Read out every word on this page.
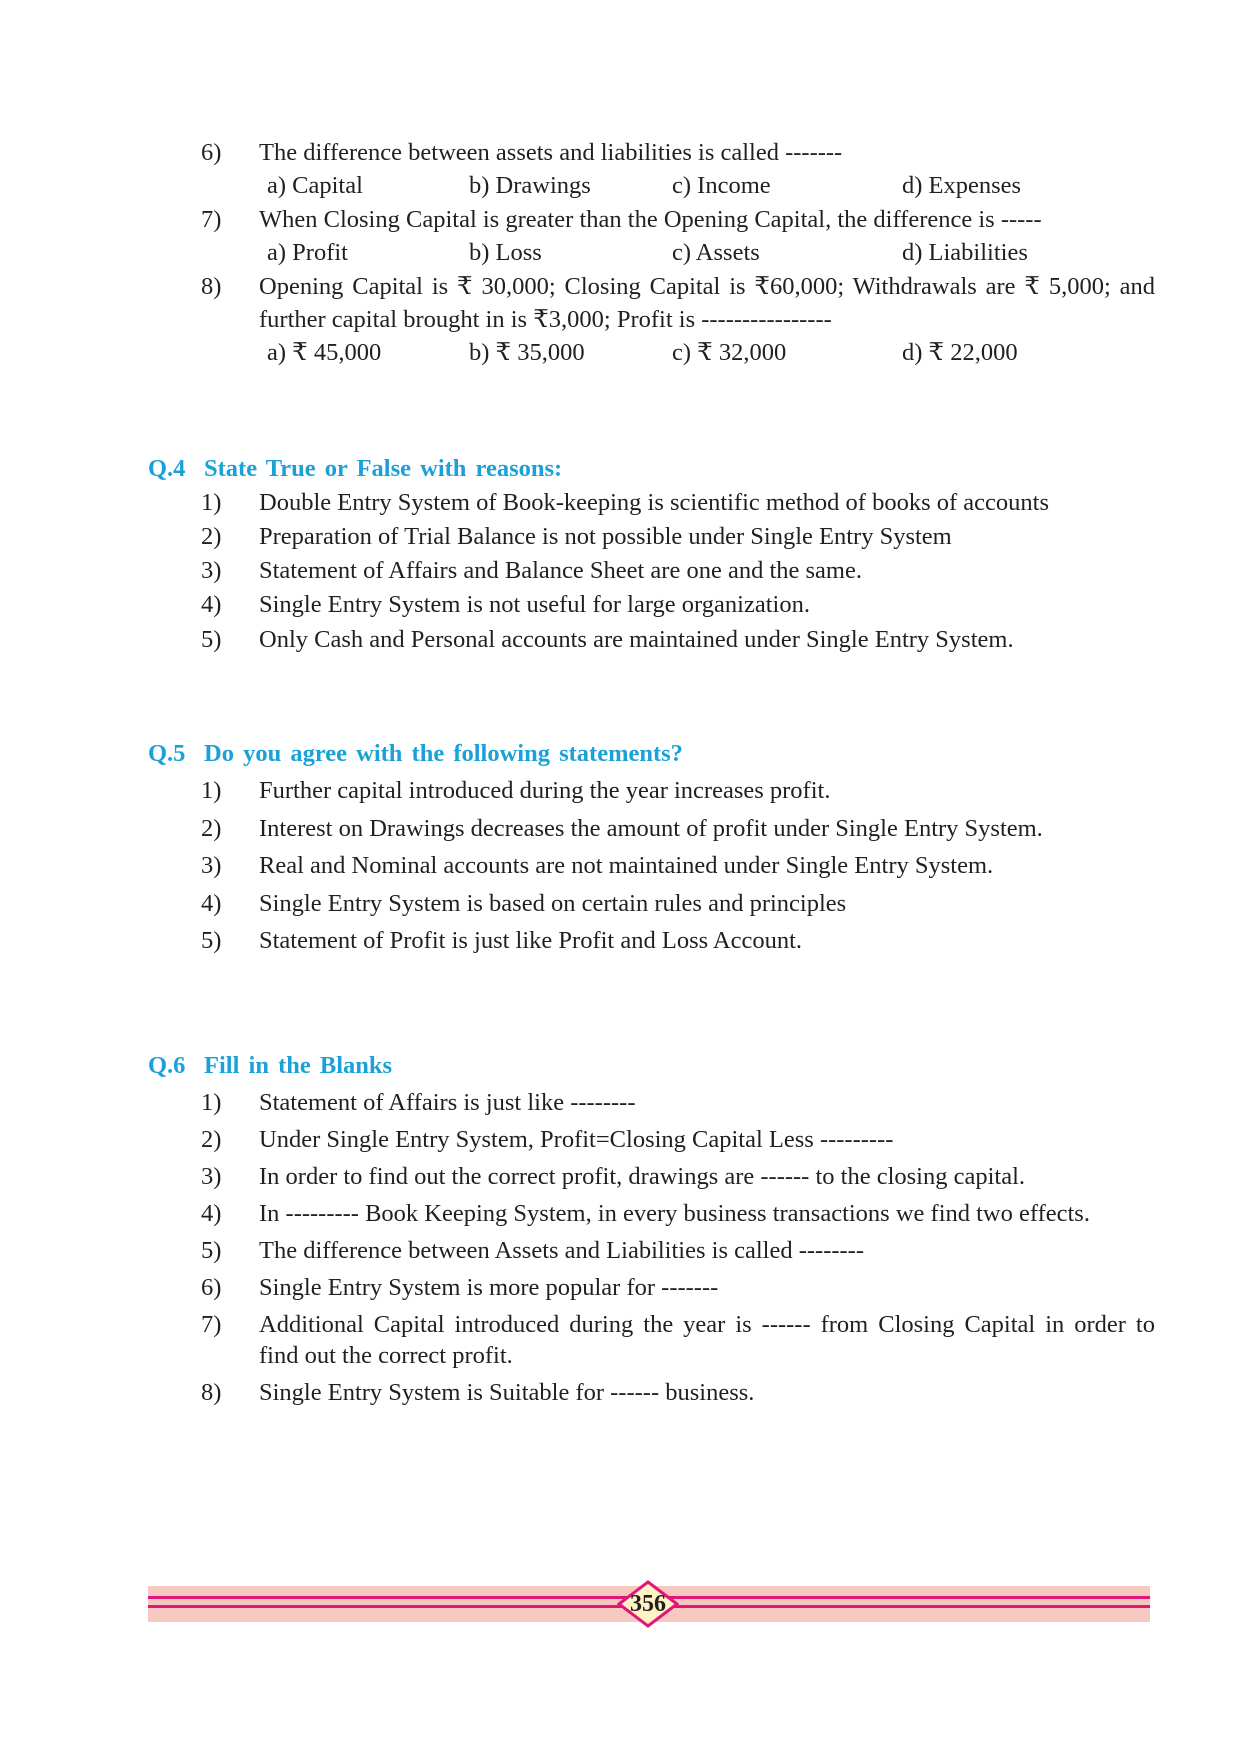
6) The difference between assets and liabilities is called -------
a) Capital	b) Drawings	c) Income	d) Expenses
7) When Closing Capital is greater than the Opening Capital, the difference is -----
a) Profit	b) Loss	c) Assets	d) Liabilities
8) Opening Capital is ₹ 30,000; Closing Capital is ₹60,000; Withdrawals are ₹ 5,000; and
further capital brought in is ₹3,000; Profit is ----------------
a) ₹ 45,000	b) ₹ 35,000	c) ₹ 32,000	d) ₹ 22,000
Q.4 State True or False with reasons:
1) Double Entry System of Book-keeping is scientific method of books of accounts
2) Preparation of Trial Balance is not possible under Single Entry System
3) Statement of Affairs and Balance Sheet are one and the same.
4) Single Entry System is not useful for large organization.
5) Only Cash and Personal accounts are maintained under Single Entry System.
Q.5 Do you agree with the following statements?
1) Further capital introduced during the year increases profit.
2) Interest on Drawings decreases the amount of profit under Single Entry System.
3) Real and Nominal accounts are not maintained under Single Entry System.
4) Single Entry System is based on certain rules and principles
5) Statement of Profit is just like Profit and Loss Account.
Q.6 Fill in the Blanks
1) Statement of Affairs is just like --------
2) Under Single Entry System, Profit=Closing Capital Less ---------
3) In order to find out the correct profit, drawings are ------ to the closing capital.
4) In --------- Book Keeping System, in every business transactions we find two effects.
5) The difference between Assets and Liabilities is called --------
6) Single Entry System is more popular for -------
7) Additional Capital introduced during the year is ------ from Closing Capital in order to
find out the correct profit.
8) Single Entry System is Suitable for ------ business.
356
